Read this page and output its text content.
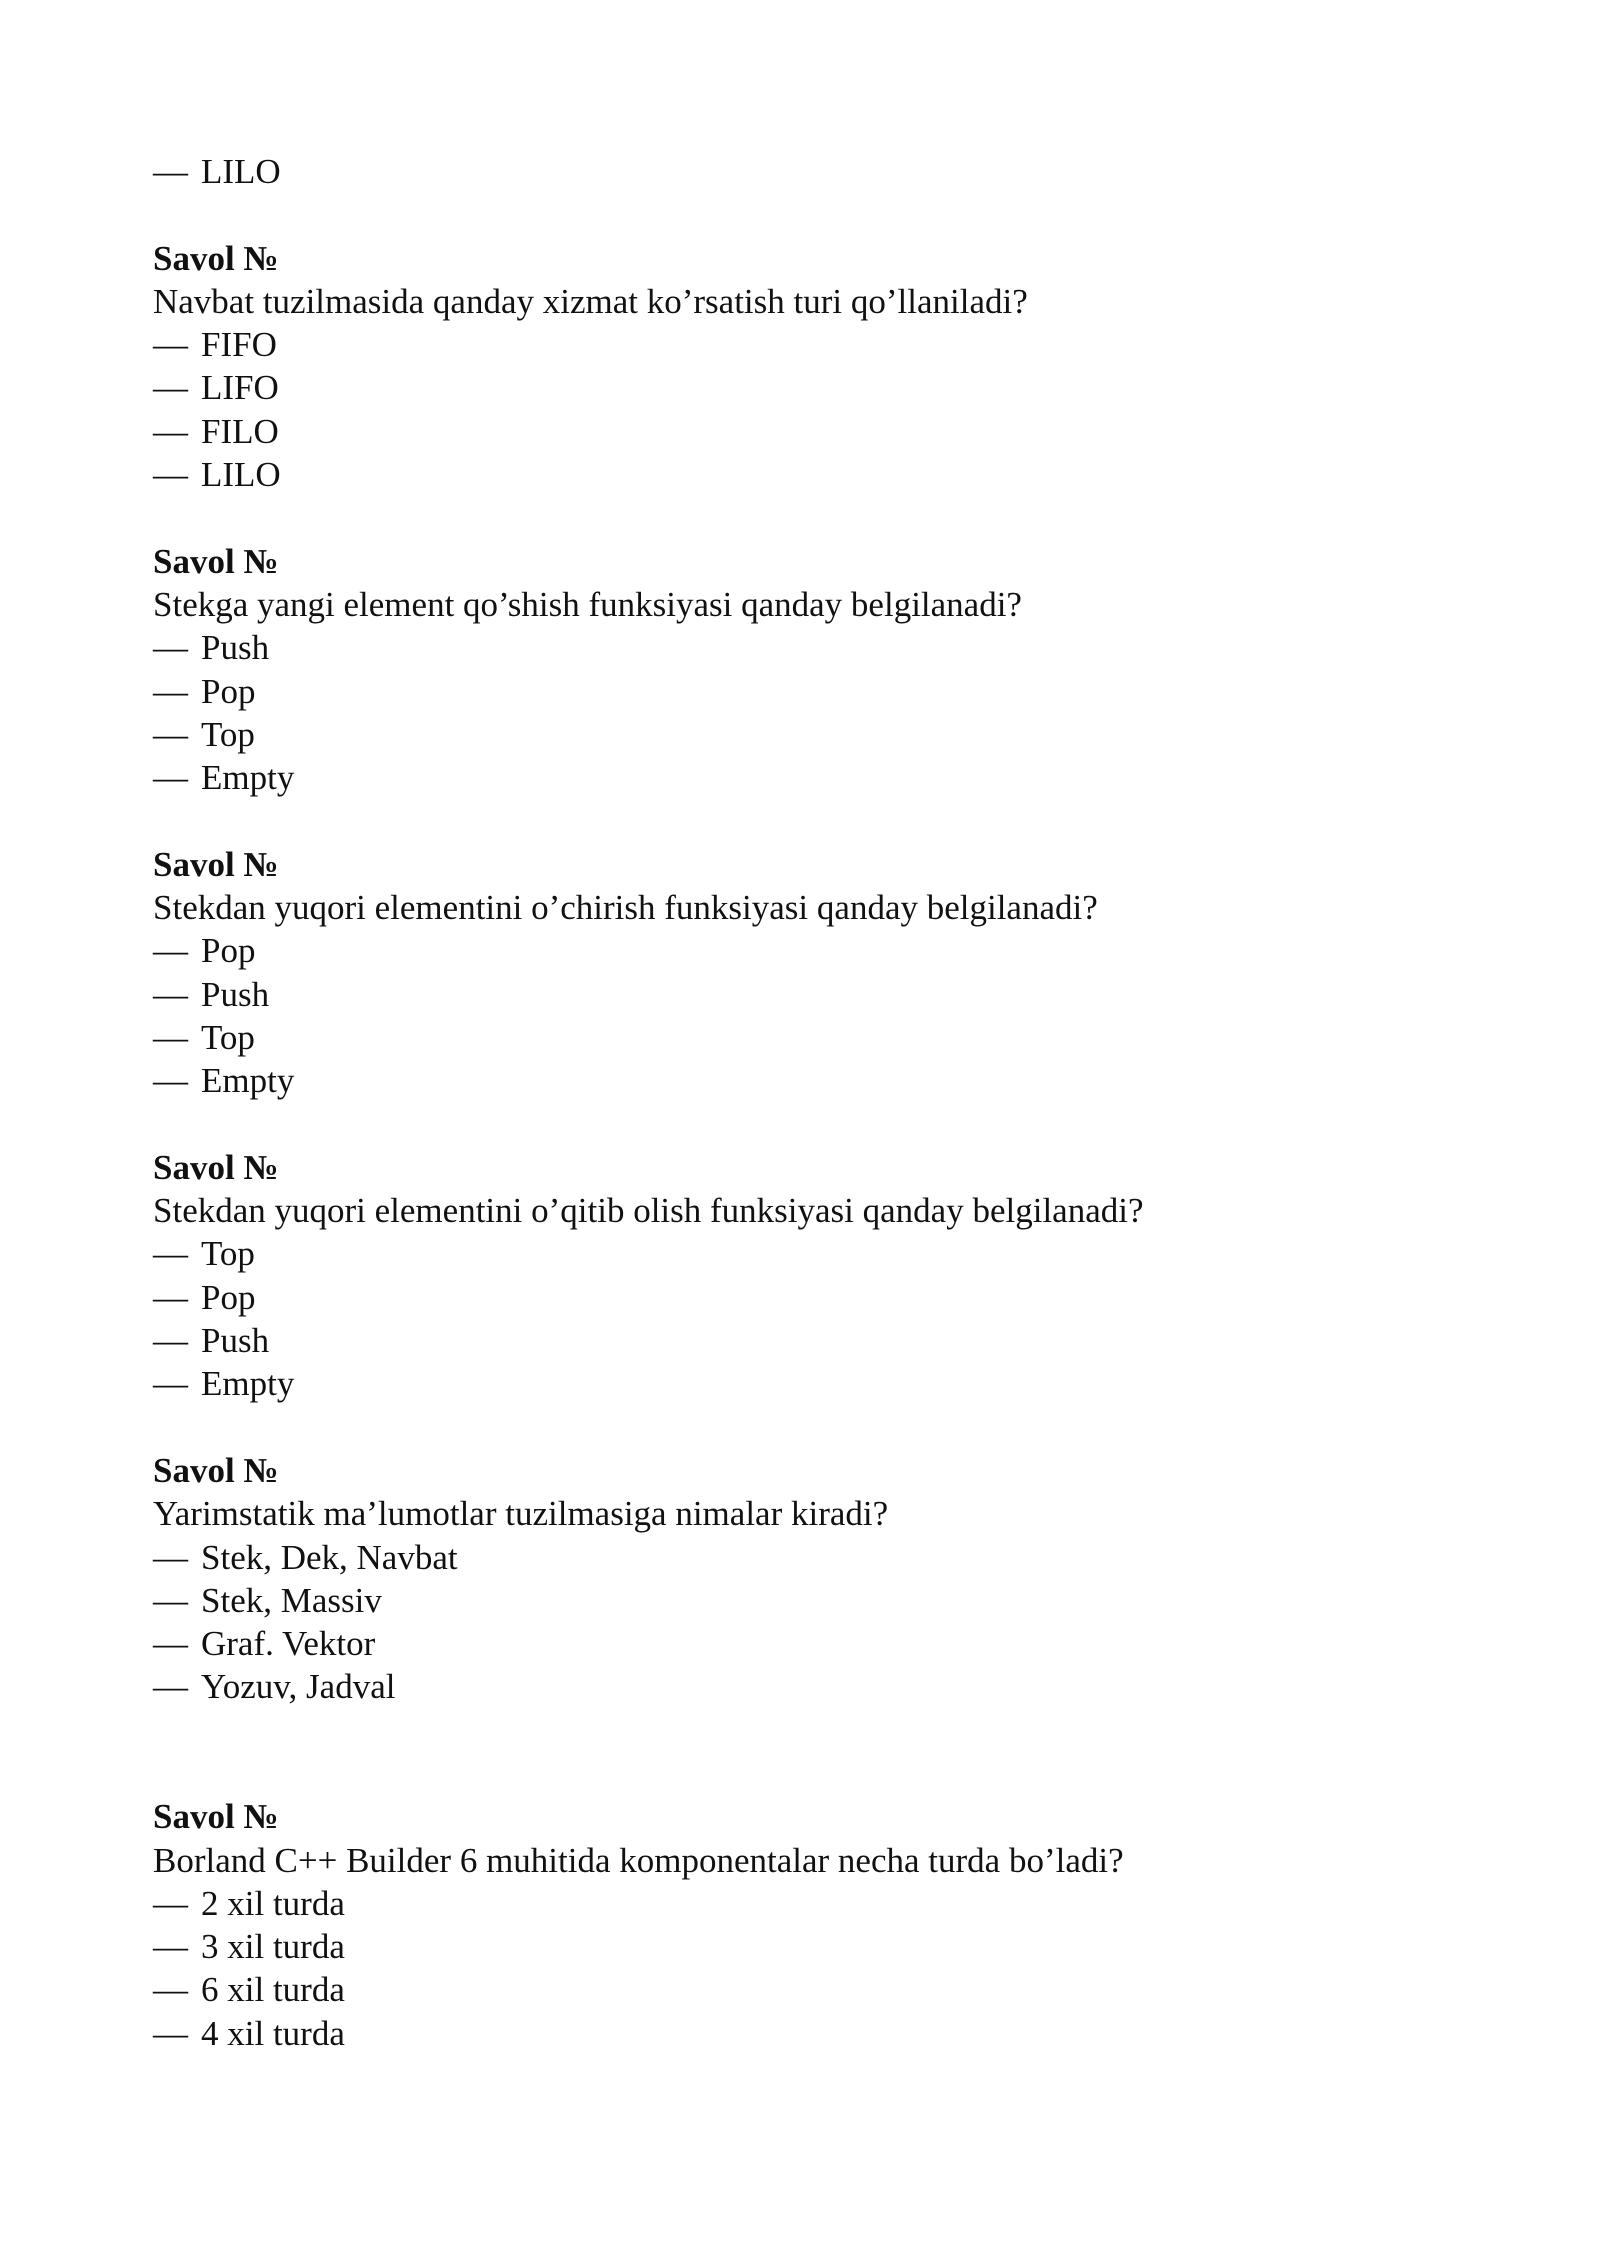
— LILO
Savol №
Navbat tuzilmasida qanday xizmat ko’rsatish turi qo’llaniladi?
— FIFO
— LIFO
— FILO
— LILO
Savol №
Stekga yangi element qo’shish funksiyasi qanday belgilanadi?
— Push
— Pop
— Top
— Empty
Savol №
Stekdan yuqori elementini o’chirish funksiyasi qanday belgilanadi?
— Pop
— Push
— Top
— Empty
Savol №
Stekdan yuqori elementini o’qitib olish funksiyasi qanday belgilanadi?
— Top
— Pop
— Push
— Empty
Savol №
Yarimstatik ma’lumotlar tuzilmasiga nimalar kiradi?
— Stek, Dek, Navbat
— Stek, Massiv
— Graf. Vektor
— Yozuv, Jadval
Savol №
Borland C++ Builder 6 muhitida komponentalar necha turda bo’ladi?
— 2 xil turda
— 3 xil turda
— 6 xil turda
— 4 xil turda
